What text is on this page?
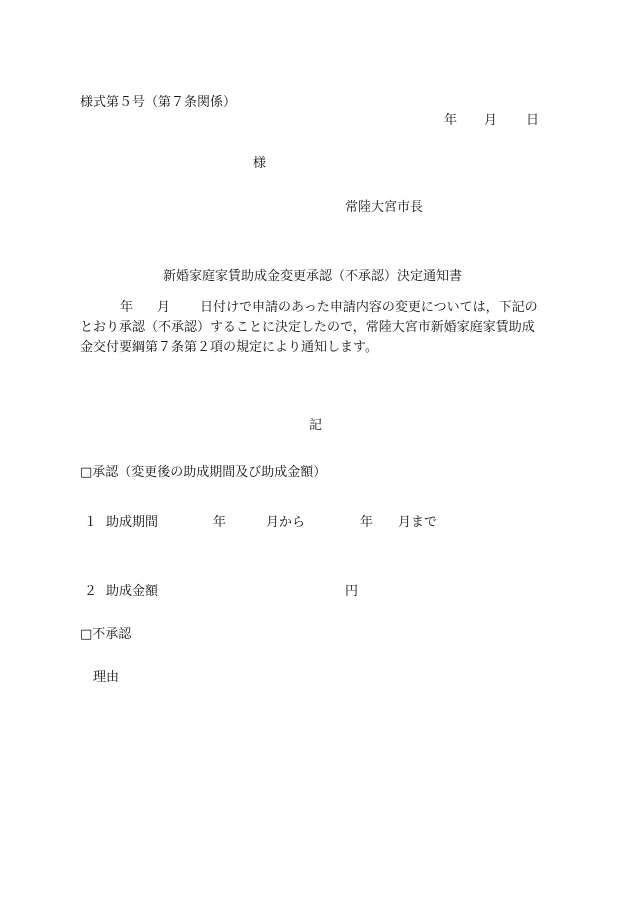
様式第５号（第７条関係）
年 月 日
様
常陸大宮市長
新婚家庭家賃助成金変更承認（不承認）決定通知書
年 月 日付けで申請のあった申請内容の変更については，下記の
とおり承認（不承認）することに決定したので，常陸大宮市新婚家庭家賃助成
金交付要綱第７条第２項の規定により通知します。
記
□承認（変更後の助成期間及び助成金額）
１ 助成期間	年	月から	年 月まで
２ 助成金額	円
□不承認
理由
